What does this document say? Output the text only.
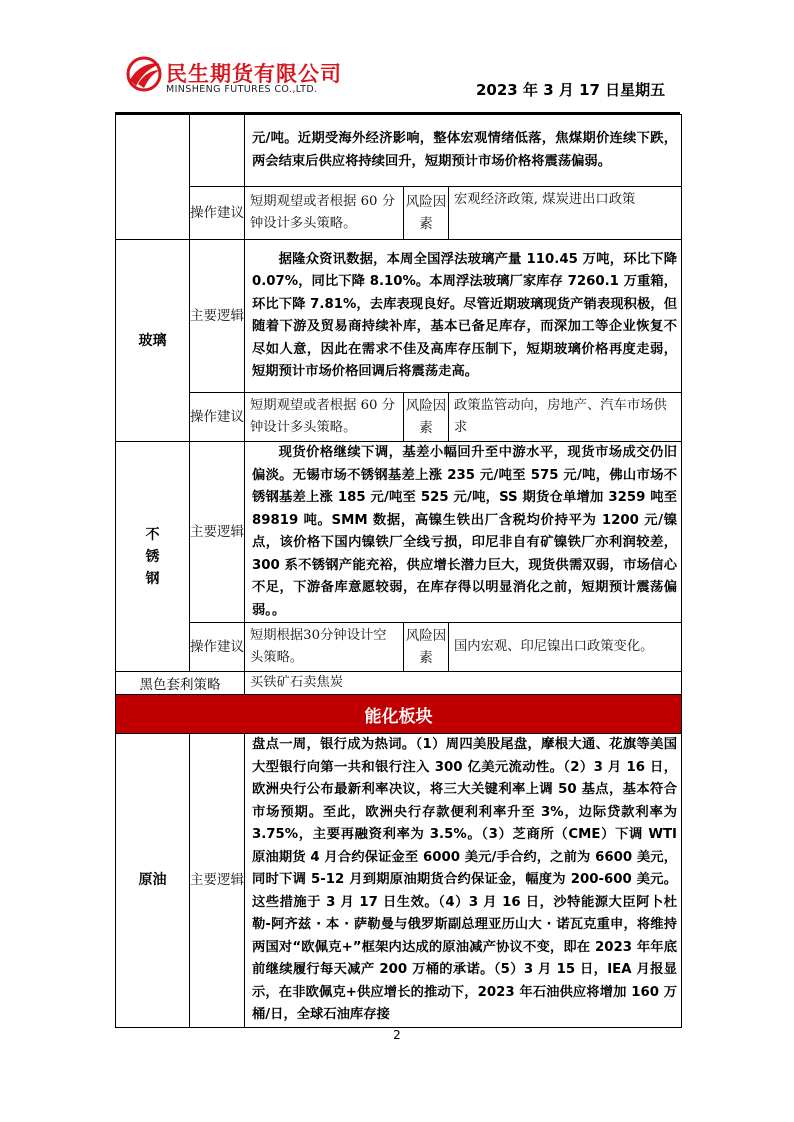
民生期货有限公司
MINSHENG FUTURES CO.,LTD.	2023 年 3 月 17 日星期五
		元/吨。近期受海外经济影响，整体宏观情绪低落，焦煤期价连续下跌，两会结束后供应将持续回升，短期预计市场价格将震荡偏弱。		
	操作建议	短期观望或者根据 60 分钟设计多头策略。	风险因素	宏观经济政策, 煤炭进出口政策
玻璃	主要逻辑	据隆众资讯数据，本周全国浮法玻璃产量 110.45 万吨，环比下降 0.07%，同比下降 8.10%。本周浮法玻璃厂家库存 7260.1 万重箱，环比下降 7.81%，去库表现良好。尽管近期玻璃现货产销表现积极，但随着下游及贸易商持续补库，基本已备足库存，而深加工等企业恢复不尽如人意，因此在需求不佳及高库存压制下，短期玻璃价格再度走弱，短期预计市场价格回调后将震荡走高。		
	操作建议	短期观望或者根据 60 分钟设计多头策略。	风险因素	政策监管动向，房地产、汽车市场供求
不锈钢	主要逻辑	现货价格继续下调，基差小幅回升至中游水平，现货市场成交仍旧偏淡。无锡市场不锈钢基差上涨 235 元/吨至 575 元/吨，佛山市场不锈钢基差上涨 185 元/吨至 525 元/吨，SS 期货仓单增加 3259 吨至 89819 吨。SMM 数据，高镍生铁出厂含税均价持平为 1200 元/镍点，该价格下国内镍铁厂全线亏损，印尼非自有矿镍铁厂亦利润较差，300 系不锈钢产能充裕，供应增长潜力巨大，现货供需双弱，市场信心不足，下游备库意愿较弱，在库存得以明显消化之前，短期预计震荡偏弱。。		
	操作建议	短期根据30分钟设计空头策略。	风险因素	国内宏观、印尼镍出口政策变化。
黑色套利策略		买铁矿石卖焦炭		
能化板块				
原油	主要逻辑	盘点一周，银行成为热词。（1）周四美股尾盘，摩根大通、花旗等美国大型银行向第一共和银行注入 300 亿美元流动性。（2）3 月 16 日，欧洲央行公布最新利率决议，将三大关键利率上调 50 基点，基本符合市场预期。至此，欧洲央行存款便利利率升至 3%，边际贷款利率为 3.75%，主要再融资利率为 3.5%。（3）芝商所（CME）下调 WTI 原油期货 4 月合约保证金至 6000 美元/手合约，之前为 6600 美元，同时下调 5-12 月到期原油期货合约保证金，幅度为 200-600 美元。这些措施于 3 月 17 日生效。（4）3 月 16 日，沙特能源大臣阿卜杜勒-阿齐兹 · 本 · 萨勒曼与俄罗斯副总理亚历山大 · 诺瓦克重申，将维持两国对“欧佩克+”框架内达成的原油减产协议不变，即在 2023 年年底前继续履行每天减产 200 万桶的承诺。（5）3 月 15 日，IEA 月报显示，在非欧佩克+供应增长的推动下，2023 年石油供应将增加 160 万桶/日，全球石油库存接		
2
